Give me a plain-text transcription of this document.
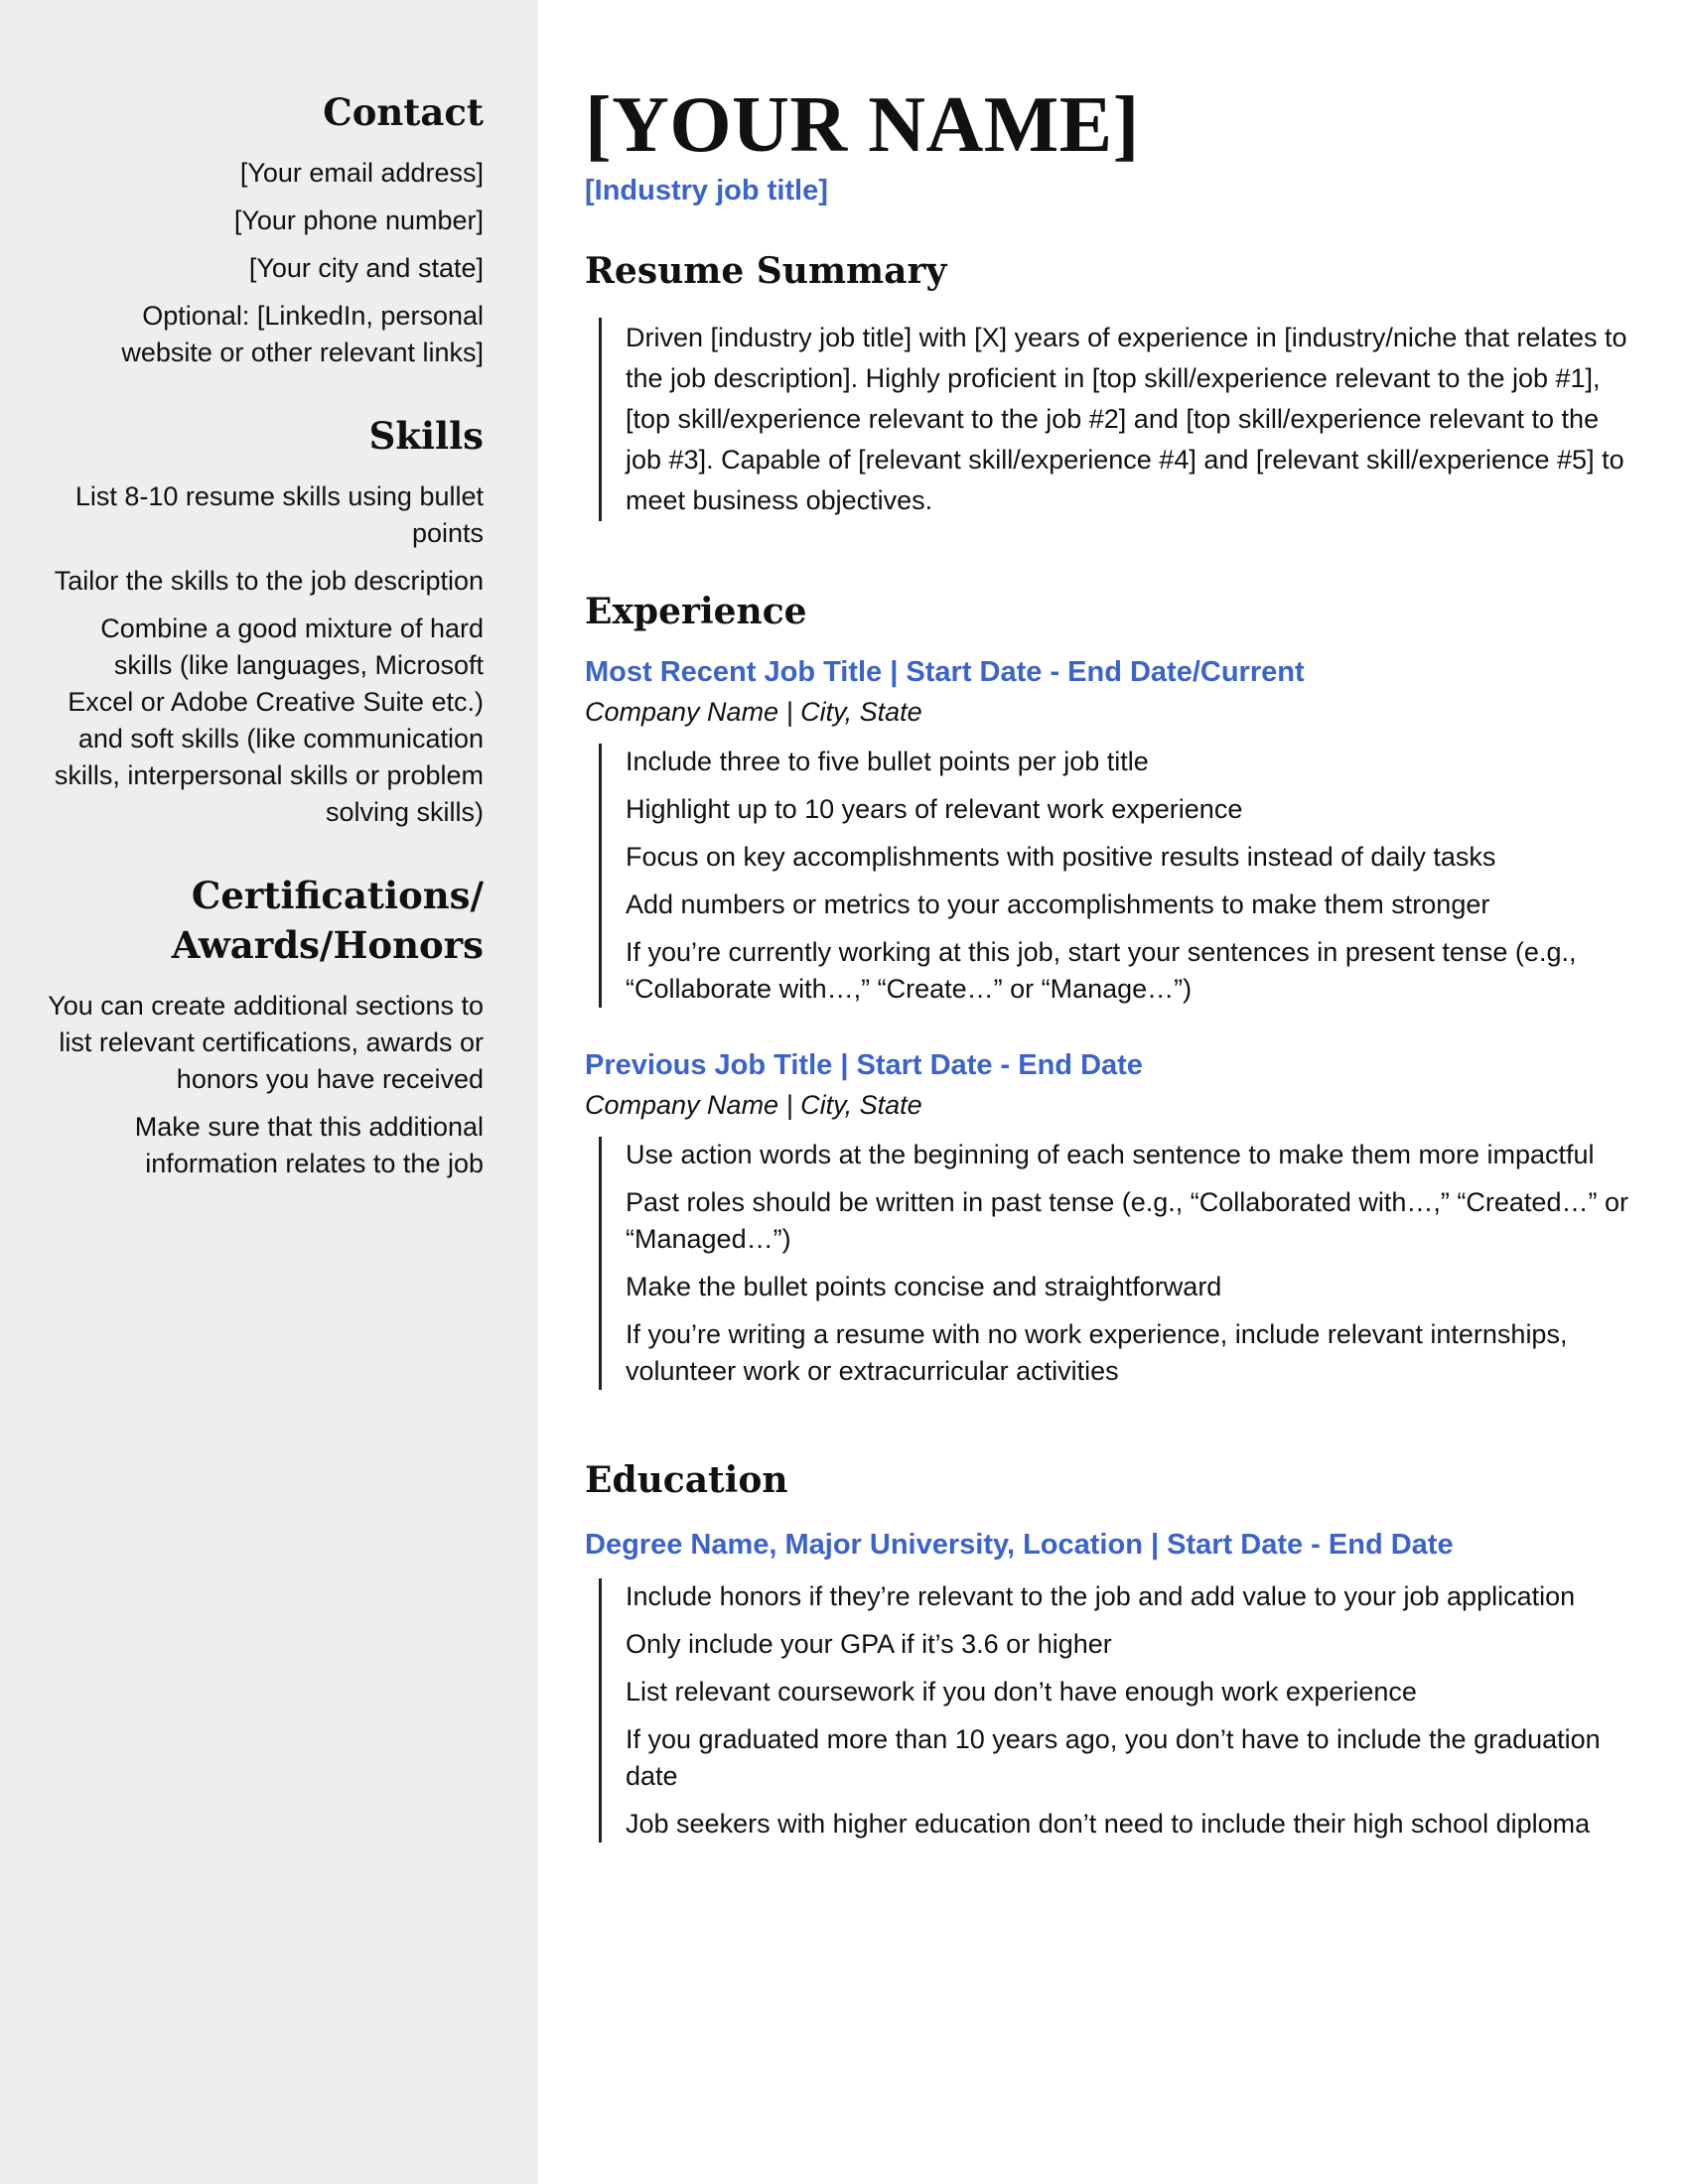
Contact

[Your email address]

[Your phone number]

[Your city and state]

Optional: [LinkedIn, personal website or other relevant links]

Skills

List 8-10 resume skills using bullet points

Tailor the skills to the job description

Combine a good mixture of hard skills (like languages, Microsoft Excel or Adobe Creative Suite etc.) and soft skills (like communication skills, interpersonal skills or problem solving skills)

Certifications/ Awards/Honors

You can create additional sections to list relevant certifications, awards or honors you have received

Make sure that this additional information relates to the job

[YOUR NAME]

[Industry job title]

Resume Summary

Driven [industry job title] with [X] years of experience in [industry/niche that relates to the job description]. Highly proficient in [top skill/experience relevant to the job #1], [top skill/experience relevant to the job #2] and [top skill/experience relevant to the job #3]. Capable of [relevant skill/experience #4] and [relevant skill/experience #5] to meet business objectives.

Experience

Most Recent Job Title | Start Date - End Date/Current

Company Name | City, State

Include three to five bullet points per job title

Highlight up to 10 years of relevant work experience

Focus on key accomplishments with positive results instead of daily tasks

Add numbers or metrics to your accomplishments to make them stronger

If you’re currently working at this job, start your sentences in present tense (e.g., “Collaborate with…,” “Create…” or “Manage…”)

Previous Job Title | Start Date - End Date

Company Name | City, State

Use action words at the beginning of each sentence to make them more impactful

Past roles should be written in past tense (e.g., “Collaborated with…,” “Created…” or “Managed…”)

Make the bullet points concise and straightforward

If you’re writing a resume with no work experience, include relevant internships, volunteer work or extracurricular activities

Education

Degree Name, Major University, Location | Start Date - End Date

Include honors if they’re relevant to the job and add value to your job application

Only include your GPA if it’s 3.6 or higher

List relevant coursework if you don’t have enough work experience

If you graduated more than 10 years ago, you don’t have to include the graduation date

Job seekers with higher education don’t need to include their high school diploma
